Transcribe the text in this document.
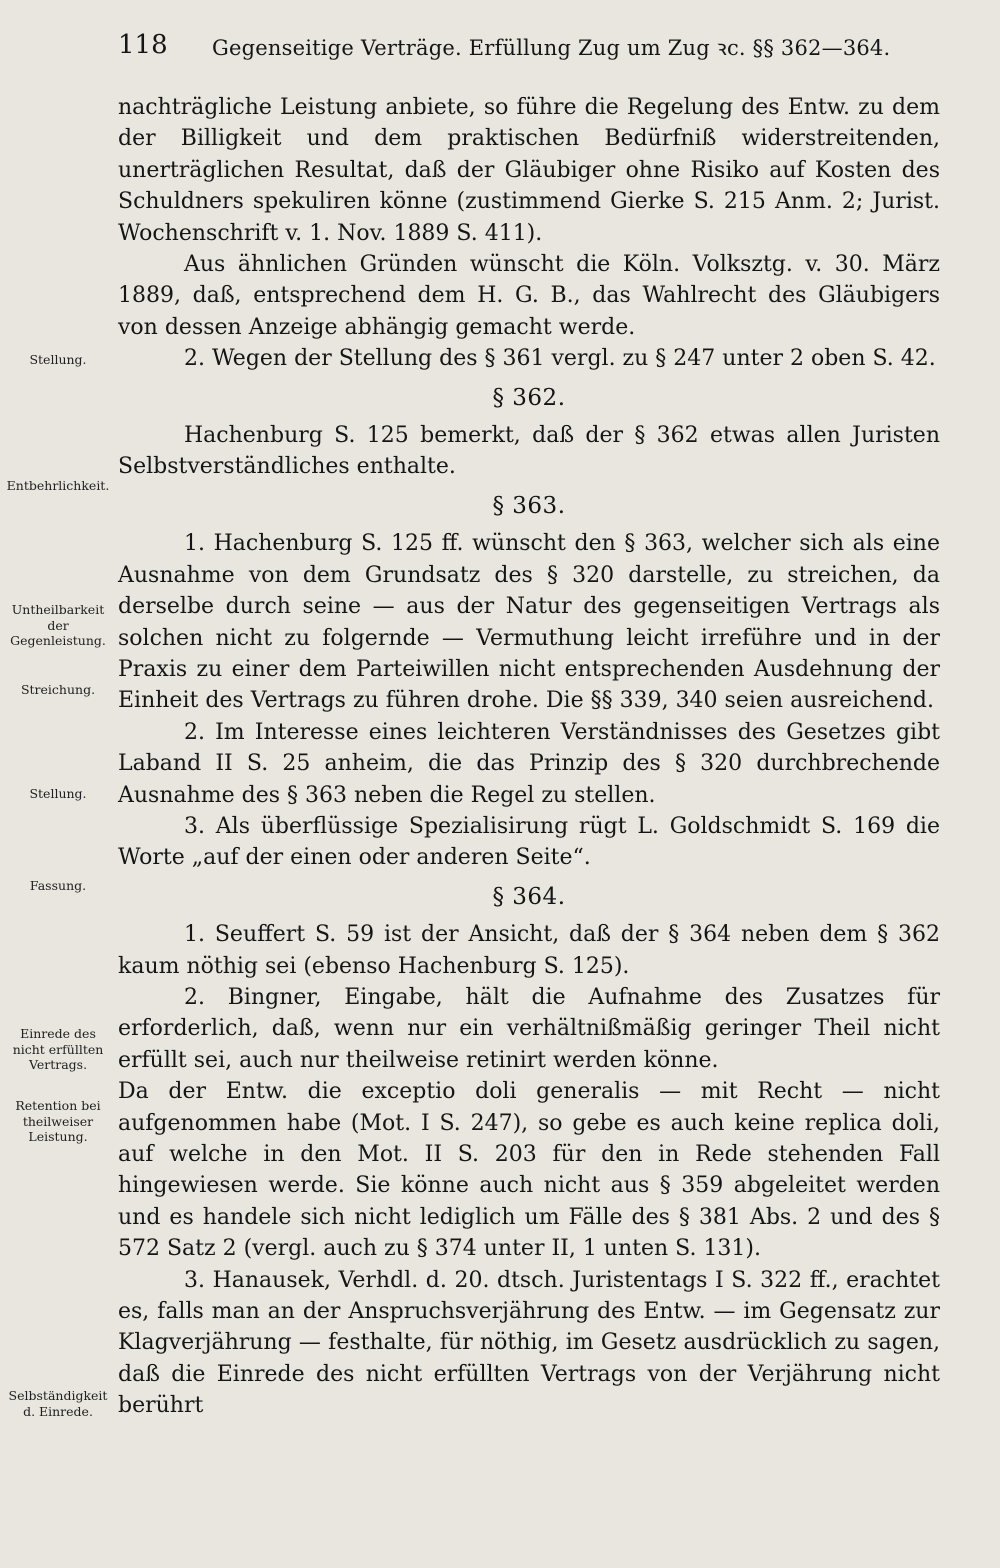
118 Gegenseitige Verträge. Erfüllung Zug um Zug ꝛc. §§ 362—364.
Stellung.
Entbehrlichkeit.
Untheilbarkeit der Gegenleistung.
Streichung.
Stellung.
Fassung.
Einrede des nicht erfüllten Vertrags.
Retention bei theilweiser Leistung.
Selbständigkeit d. Einrede.

nachträgliche Leistung anbiete, so führe die Regelung des Entw. zu dem der Billigkeit und dem praktischen Bedürfniß widerstreitenden, unerträglichen Resultat, daß der Gläubiger ohne Risiko auf Kosten des Schuldners spekuliren könne (zustimmend Gierke S. 215 Anm. 2; Jurist. Wochenschrift v. 1. Nov. 1889 S. 411).

Aus ähnlichen Gründen wünscht die Köln. Volksztg. v. 30. März 1889, daß, entsprechend dem H. G. B., das Wahlrecht des Gläubigers von dessen Anzeige abhängig gemacht werde.

2. Wegen der Stellung des § 361 vergl. zu § 247 unter 2 oben S. 42.

§ 362.

Hachenburg S. 125 bemerkt, daß der § 362 etwas allen Juristen Selbstverständliches enthalte.

§ 363.

1. Hachenburg S. 125 ff. wünscht den § 363, welcher sich als eine Ausnahme von dem Grundsatz des § 320 darstelle, zu streichen, da derselbe durch seine — aus der Natur des gegenseitigen Vertrags als solchen nicht zu folgernde — Vermuthung leicht irreführe und in der Praxis zu einer dem Parteiwillen nicht entsprechenden Ausdehnung der Einheit des Vertrags zu führen drohe. Die §§ 339, 340 seien ausreichend.

2. Im Interesse eines leichteren Verständnisses des Gesetzes gibt Laband II S. 25 anheim, die das Prinzip des § 320 durchbrechende Ausnahme des § 363 neben die Regel zu stellen.

3. Als überflüssige Spezialisirung rügt L. Goldschmidt S. 169 die Worte „auf der einen oder anderen Seite“.

§ 364.

1. Seuffert S. 59 ist der Ansicht, daß der § 364 neben dem § 362 kaum nöthig sei (ebenso Hachenburg S. 125).

2. Bingner, Eingabe, hält die Aufnahme des Zusatzes für erforderlich, daß, wenn nur ein verhältnißmäßig geringer Theil nicht erfüllt sei, auch nur theilweise retinirt werden könne.

Da der Entw. die exceptio doli generalis — mit Recht — nicht aufgenommen habe (Mot. I S. 247), so gebe es auch keine replica doli, auf welche in den Mot. II S. 203 für den in Rede stehenden Fall hingewiesen werde. Sie könne auch nicht aus § 359 abgeleitet werden und es handele sich nicht lediglich um Fälle des § 381 Abs. 2 und des § 572 Satz 2 (vergl. auch zu § 374 unter II, 1 unten S. 131).

3. Hanausek, Verhdl. d. 20. dtsch. Juristentags I S. 322 ff., erachtet es, falls man an der Anspruchsverjährung des Entw. — im Gegensatz zur Klagverjährung — festhalte, für nöthig, im Gesetz ausdrücklich zu sagen, daß die Einrede des nicht erfüllten Vertrags von der Verjährung nicht berührt
